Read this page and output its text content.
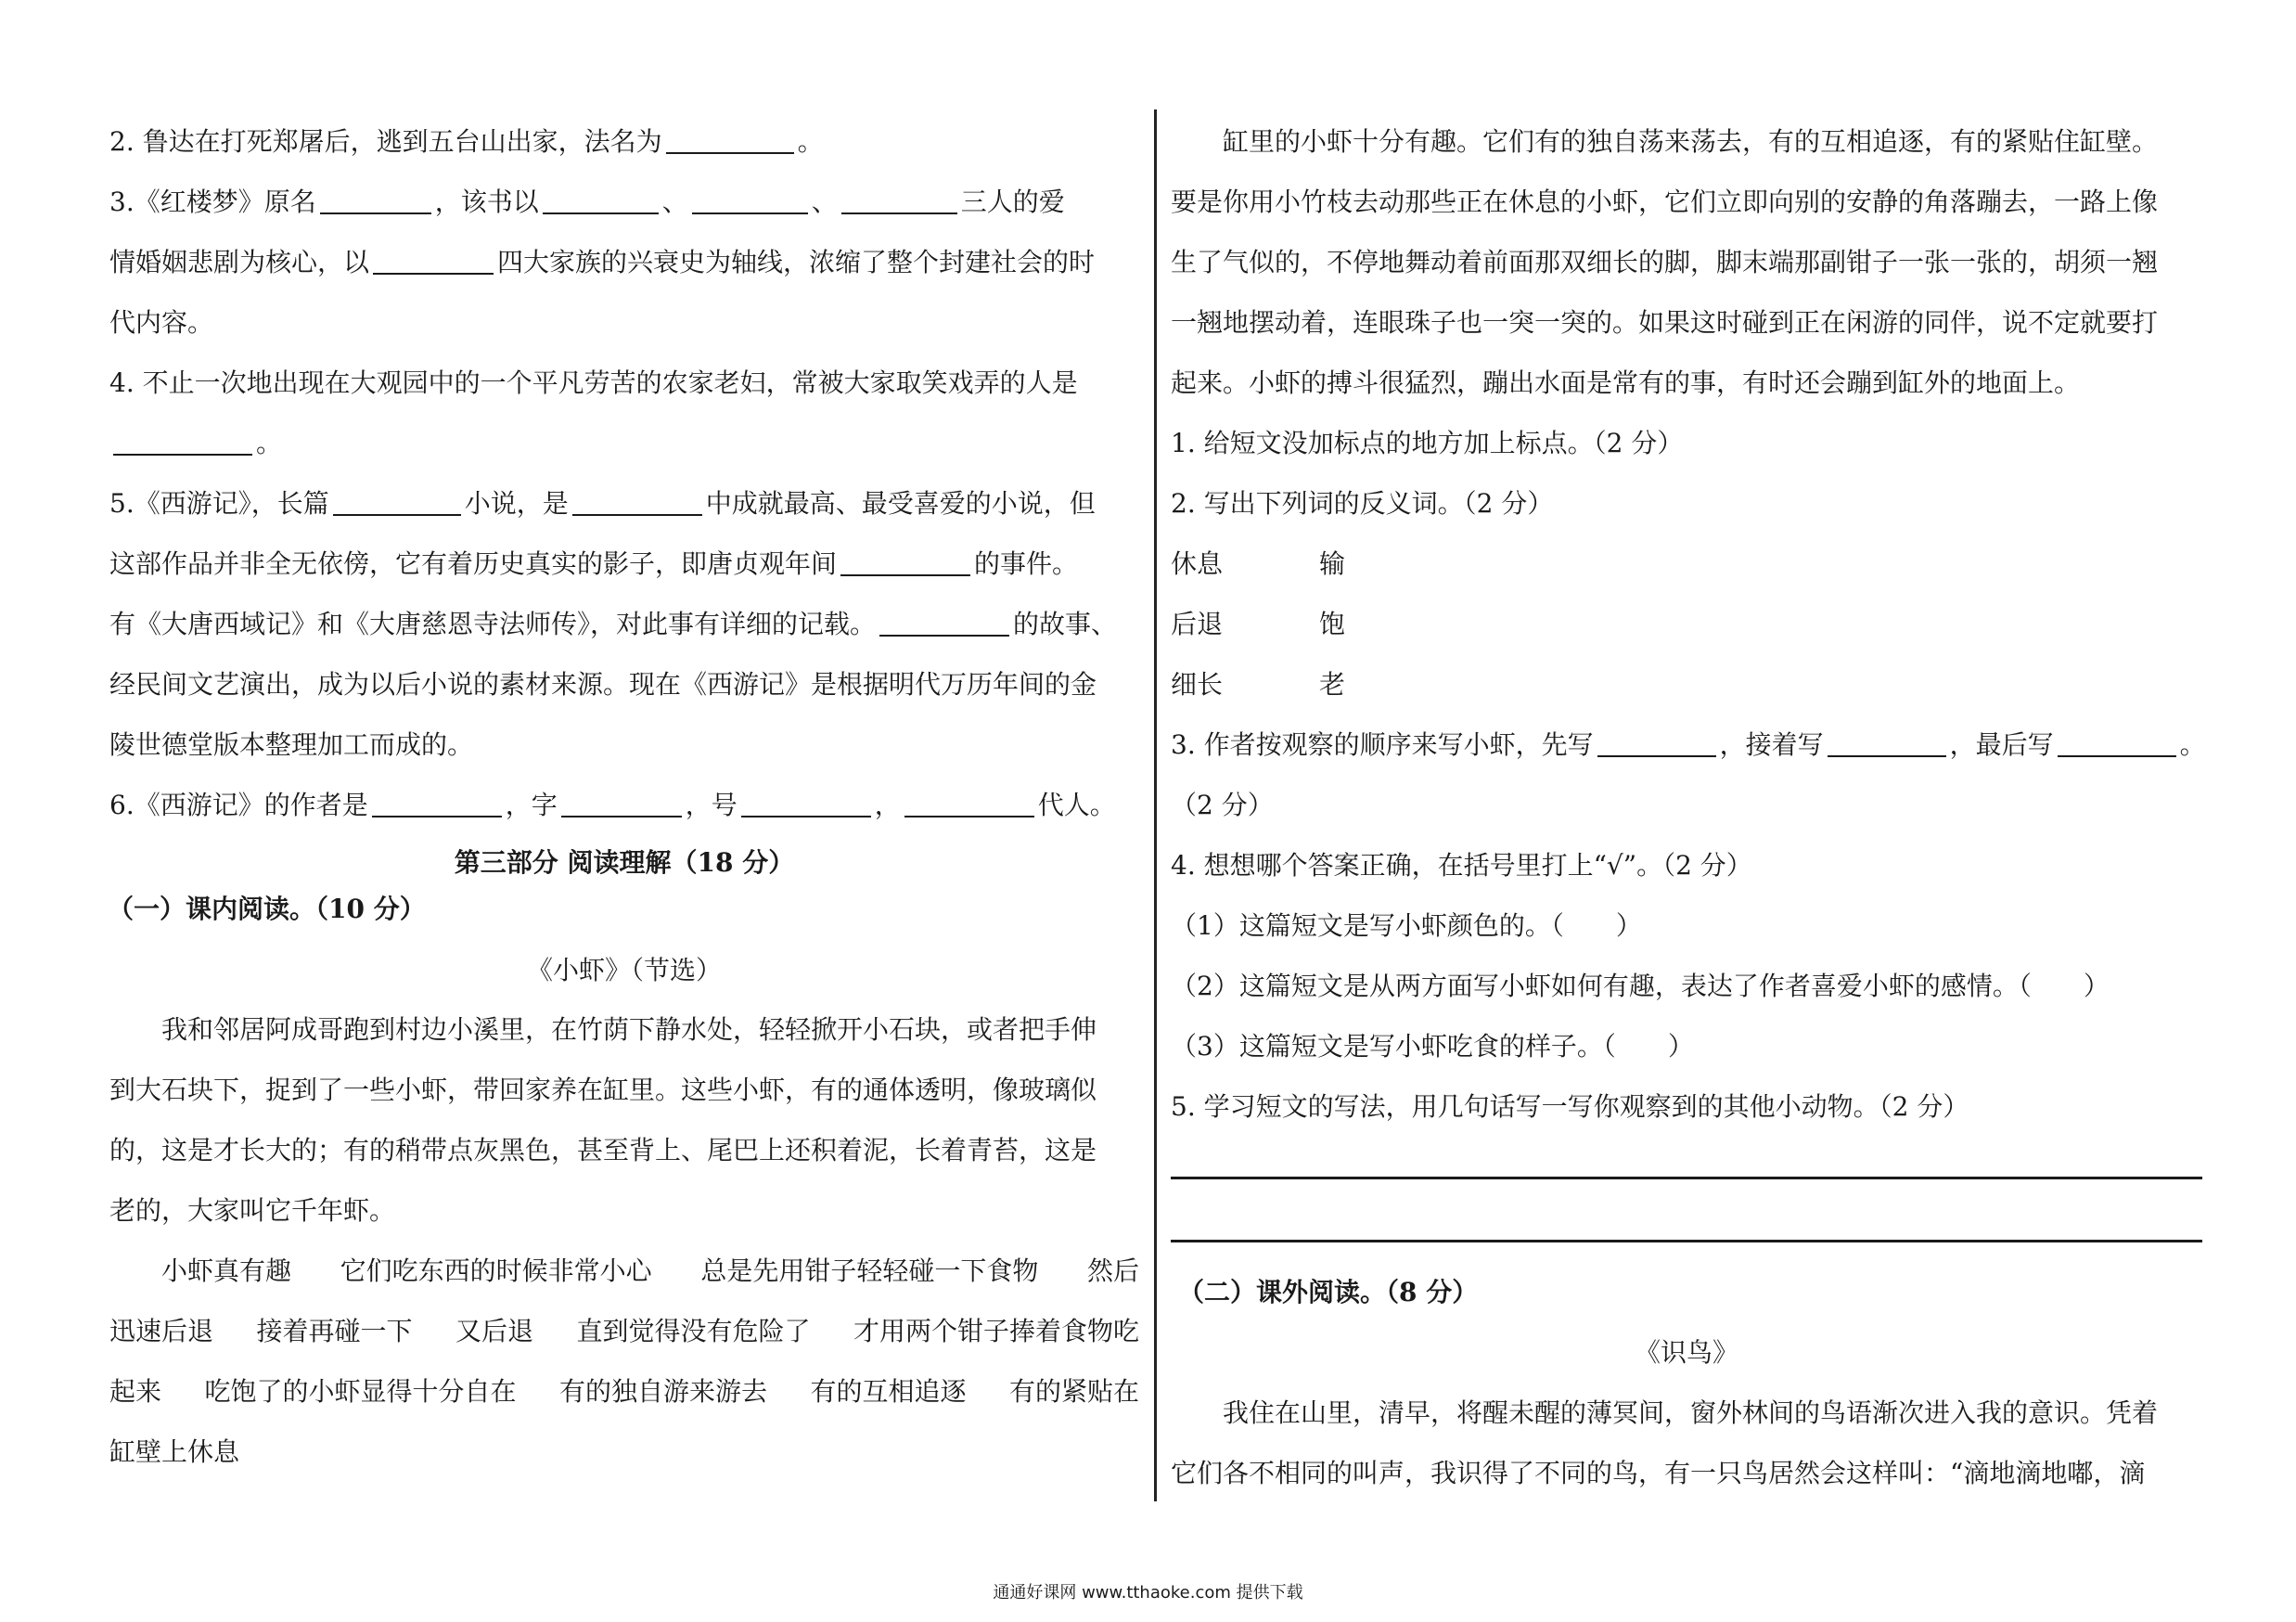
2. 鲁达在打死郑屠后，逃到五台山出家，法名为	。
3.《红楼梦》原名	，该书以	、	、	三人的爱
情婚姻悲剧为核心，以	四大家族的兴衰史为轴线，浓缩了整个封建社会的时
代内容。
4. 不止一次地出现在大观园中的一个平凡劳苦的农家老妇，常被大家取笑戏弄的人是
。
5.《西游记》，长篇	小说，是	中成就最高、最受喜爱的小说，但
这部作品并非全无依傍，它有着历史真实的影子，即唐贞观年间	的事件。
有《大唐西域记》和《大唐慈恩寺法师传》，对此事有详细的记载。	的故事、
经民间文艺演出，成为以后小说的素材来源。现在《西游记》是根据明代万历年间的金
陵世德堂版本整理加工而成的。
6.《西游记》的作者是	，字	，号	，	代人。
第三部分 阅读理解（18 分）
（一）课内阅读。（10 分）
《小虾》（节选）
我和邻居阿成哥跑到村边小溪里，在竹荫下静水处，轻轻掀开小石块，或者把手伸
到大石块下，捉到了一些小虾，带回家养在缸里。这些小虾，有的通体透明，像玻璃似
的，这是才长大的；有的稍带点灰黑色，甚至背上、尾巴上还积着泥，长着青苔，这是
老的，大家叫它千年虾。
小虾真有趣 它们吃东西的时候非常小心 总是先用钳子轻轻碰一下食物 然后
迅速后退 接着再碰一下 又后退 直到觉得没有危险了 才用两个钳子捧着食物吃
起来 吃饱了的小虾显得十分自在 有的独自游来游去 有的互相追逐 有的紧贴在
缸壁上休息
缸里的小虾十分有趣。它们有的独自荡来荡去，有的互相追逐，有的紧贴住缸壁。
要是你用小竹枝去动那些正在休息的小虾，它们立即向别的安静的角落蹦去，一路上像
生了气似的，不停地舞动着前面那双细长的脚，脚末端那副钳子一张一张的，胡须一翘
一翘地摆动着，连眼珠子也一突一突的。如果这时碰到正在闲游的同伴，说不定就要打
起来。小虾的搏斗很猛烈，蹦出水面是常有的事，有时还会蹦到缸外的地面上。
1. 给短文没加标点的地方加上标点。（2 分）
2. 写出下列词的反义词。（2 分）
休息	输
后退	饱
细长	老
3. 作者按观察的顺序来写小虾，先写	，接着写	，最后写	。
（2 分）
4. 想想哪个答案正确，在括号里打上“√”。（2 分）
（1）这篇短文是写小虾颜色的。（　　）
（2）这篇短文是从两方面写小虾如何有趣，表达了作者喜爱小虾的感情。（　　）
（3）这篇短文是写小虾吃食的样子。（　　）
5. 学习短文的写法，用几句话写一写你观察到的其他小动物。（2 分）
（二）课外阅读。（8 分）
《识鸟》
我住在山里，清早，将醒未醒的薄冥间，窗外林间的鸟语渐次进入我的意识。凭着
它们各不相同的叫声，我识得了不同的鸟，有一只鸟居然会这样叫：“滴地滴地嘟，滴
通通好课网 www.tthaoke.com 提供下载
